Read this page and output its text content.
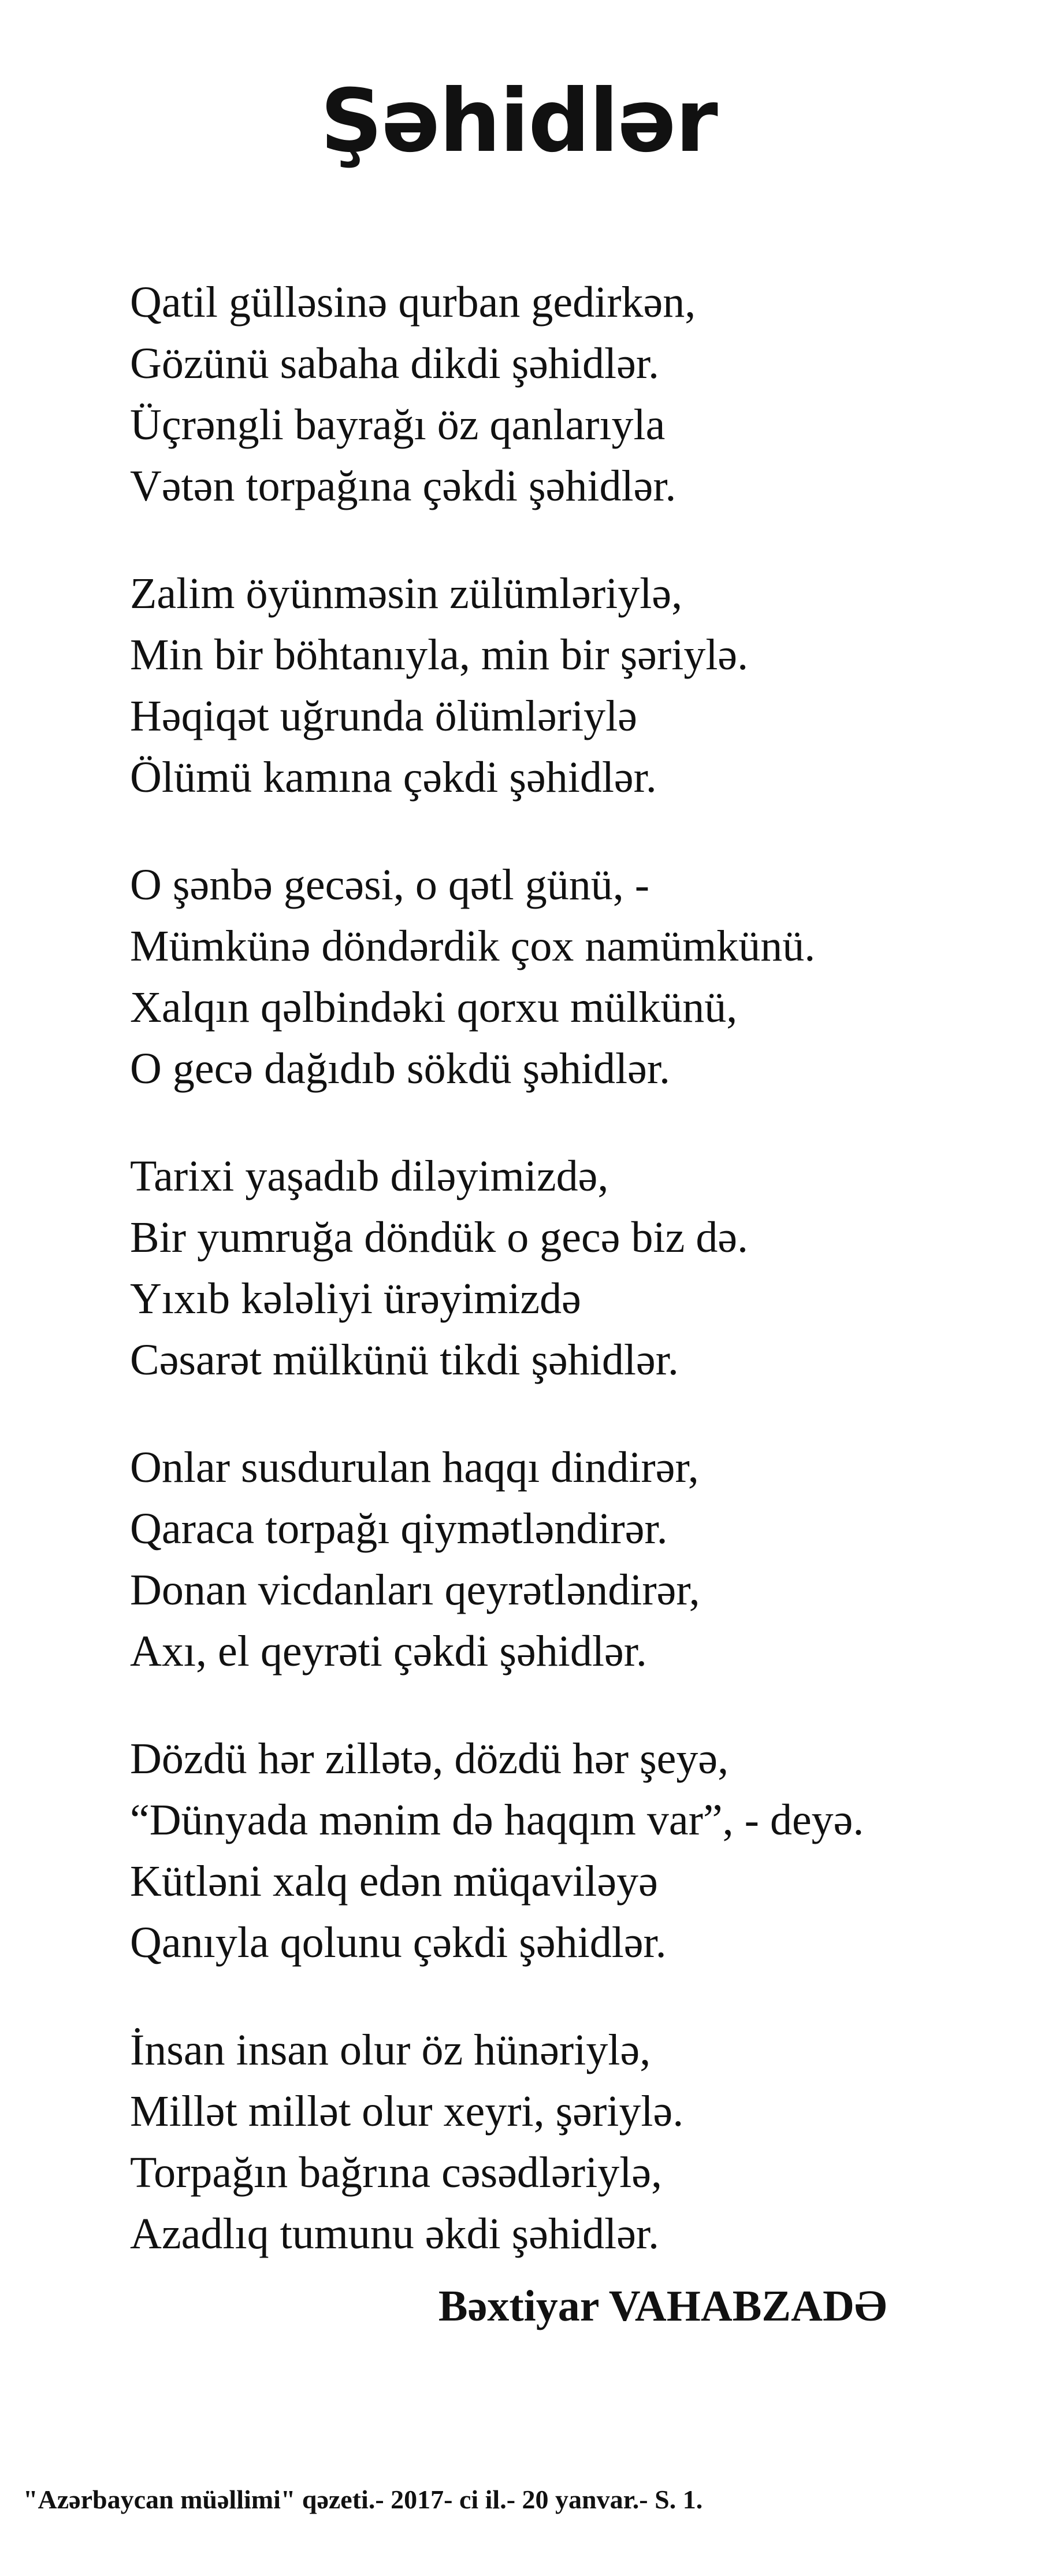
Şəhidlər
Qatil gülləsinə qurban gedirkən,
Gözünü sabaha dikdi şəhidlər.
Üçrəngli bayrağı öz qanlarıyla
Vətən torpağına çəkdi şəhidlər.
Zalim öyünməsin zülümləriylə,
Min bir böhtanıyla, min bir şəriylə.
Həqiqət uğrunda ölümləriylə
Ölümü kamına çəkdi şəhidlər.
O şənbə gecəsi, o qətl günü, -
Mümkünə döndərdik çox namümkünü.
Xalqın qəlbindəki qorxu mülkünü,
O gecə dağıdıb sökdü şəhidlər.
Tarixi yaşadıb diləyimizdə,
Bir yumruğa döndük o gecə biz də.
Yıxıb kələliyi ürəyimizdə
Cəsarət mülkünü tikdi şəhidlər.
Onlar susdurulan haqqı dindirər,
Qaraca torpağı qiymətləndirər.
Donan vicdanları qeyrətləndirər,
Axı, el qeyrəti çəkdi şəhidlər.
Dözdü hər zillətə, dözdü hər şeyə,
“Dünyada mənim də haqqım var”, - deyə.
Kütləni xalq edən müqaviləyə
Qanıyla qolunu çəkdi şəhidlər.
İnsan insan olur öz hünəriylə,
Millət millət olur xeyri, şəriylə.
Torpağın bağrına cəsədləriylə,
Azadlıq tumunu əkdi şəhidlər.
Bəxtiyar VAHABZADƏ
"Azərbaycan müəllimi" qəzeti.- 2017- ci il.- 20 yanvar.- S. 1.
